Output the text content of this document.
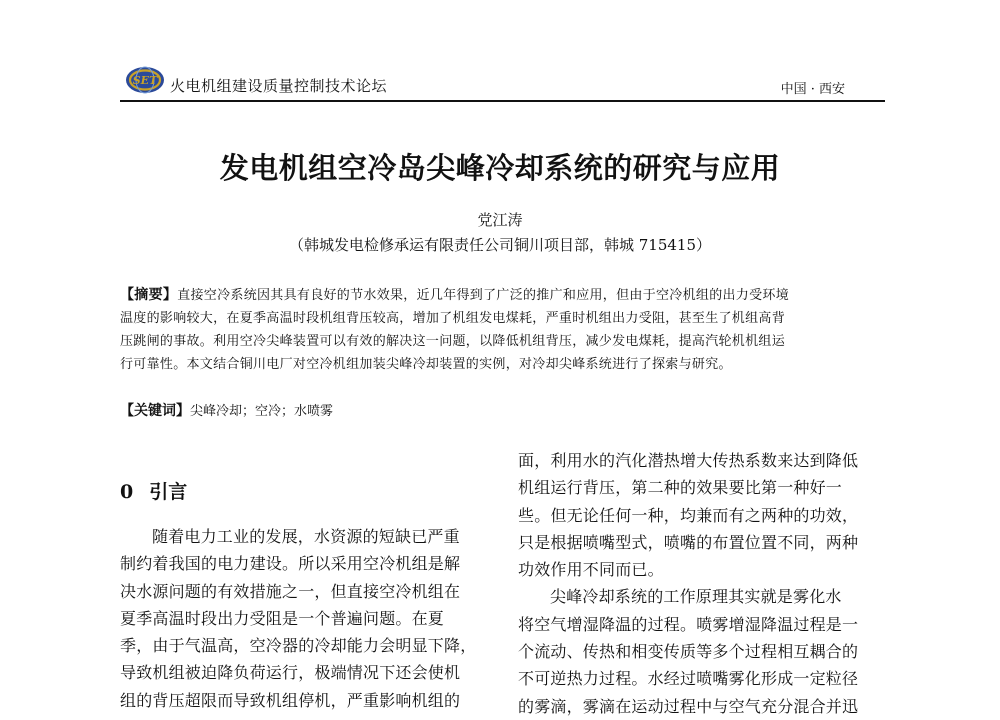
SET 火电机组建设质量控制技术论坛	中国 · 西安
发电机组空冷岛尖峰冷却系统的研究与应用
党江涛
（韩城发电检修承运有限责任公司铜川项目部，韩城 715415）
【摘要】直接空冷系统因其具有良好的节水效果，近几年得到了广泛的推广和应用，但由于空冷机组的出力受环境
温度的影响较大，在夏季高温时段机组背压较高，增加了机组发电煤耗，严重时机组出力受阻，甚至生了机组高背
压跳闸的事故。利用空冷尖峰装置可以有效的解决这一问题，以降低机组背压，减少发电煤耗，提高汽轮机机组运
行可靠性。本文结合铜川电厂对空冷机组加装尖峰冷却装置的实例，对冷却尖峰系统进行了探索与研究。
【关键词】尖峰冷却；空冷；水喷雾
0 引言
随着电力工业的发展，水资源的短缺已严重
制约着我国的电力建设。所以采用空冷机组是解
决水源问题的有效措施之一，但直接空冷机组在
夏季高温时段出力受阻是一个普遍问题。在夏
季，由于气温高，空冷器的冷却能力会明显下降，
导致机组被迫降负荷运行，极端情况下还会使机
组的背压超限而导致机组停机，严重影响机组的
面，利用水的汽化潜热增大传热系数来达到降低
机组运行背压，第二种的效果要比第一种好一
些。但无论任何一种，均兼而有之两种的功效，
只是根据喷嘴型式，喷嘴的布置位置不同，两种
功效作用不同而已。
尖峰冷却系统的工作原理其实就是雾化水
将空气增湿降温的过程。喷雾增湿降温过程是一
个流动、传热和相变传质等多个过程相互耦合的
不可逆热力过程。水经过喷嘴雾化形成一定粒径
的雾滴，雾滴在运动过程中与空气充分混合并迅
